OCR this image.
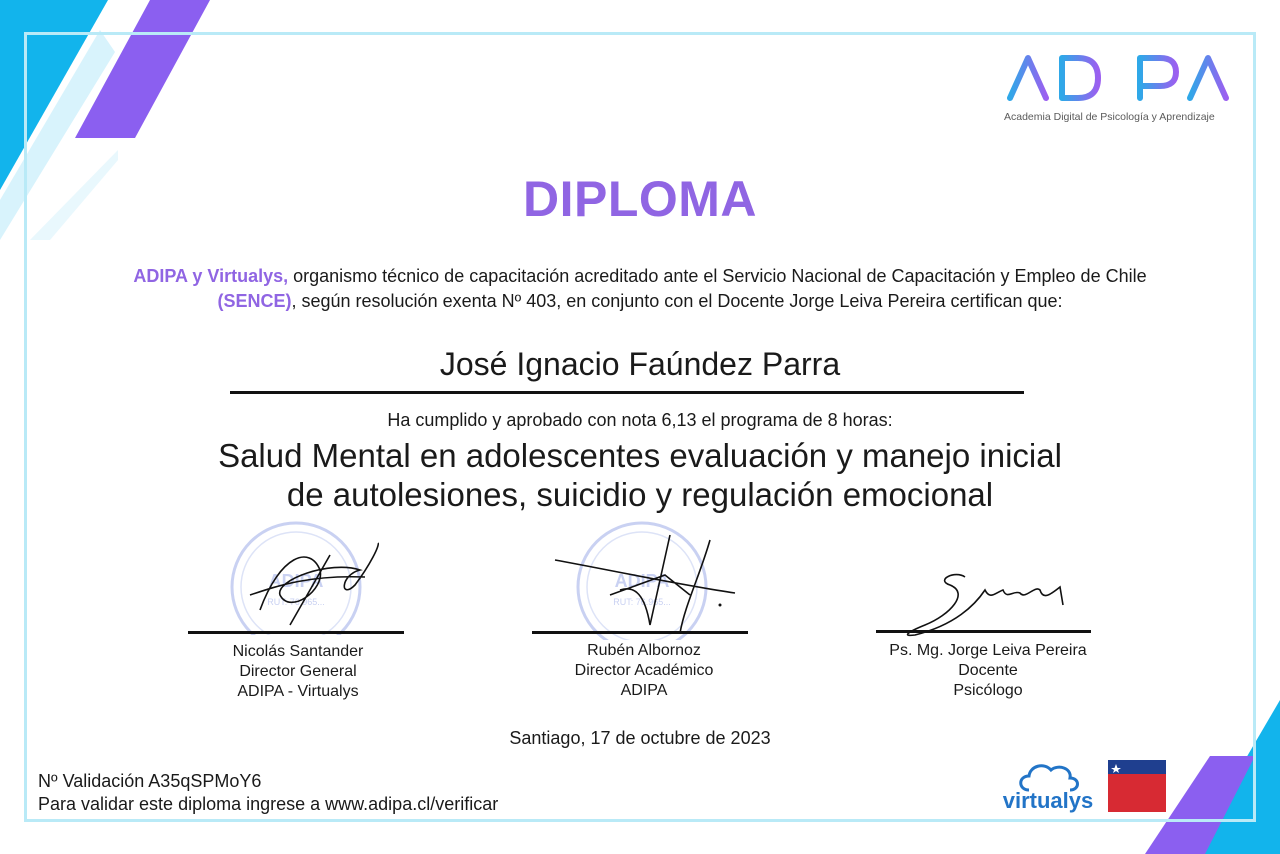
Academia Digital de Psicología y Aprendizaje
DIPLOMA
ADIPA y Virtualys, organismo técnico de capacitación acreditado ante el Servicio Nacional de Capacitación y Empleo de Chile (SENCE), según resolución exenta Nº 403, en conjunto con el Docente Jorge Leiva Pereira certifican que:
José Ignacio Faúndez Parra
Ha cumplido y aprobado con nota 6,13 el programa de 8 horas:
Salud Mental en adolescentes evaluación y manejo inicial
de autolesiones, suicidio y regulación emocional
ADIPA
RUT: 76.965...
Nicolás Santander
Director General
ADIPA - Virtualys
ADIPA
RUT: 76.965...
Rubén Albornoz
Director Académico
ADIPA
Ps. Mg. Jorge Leiva Pereira
Docente
Psicólogo
Santiago, 17 de octubre de 2023
Nº Validación A35qSPMoY6
Para validar este diploma ingrese a www.adipa.cl/verificar	virtualys
